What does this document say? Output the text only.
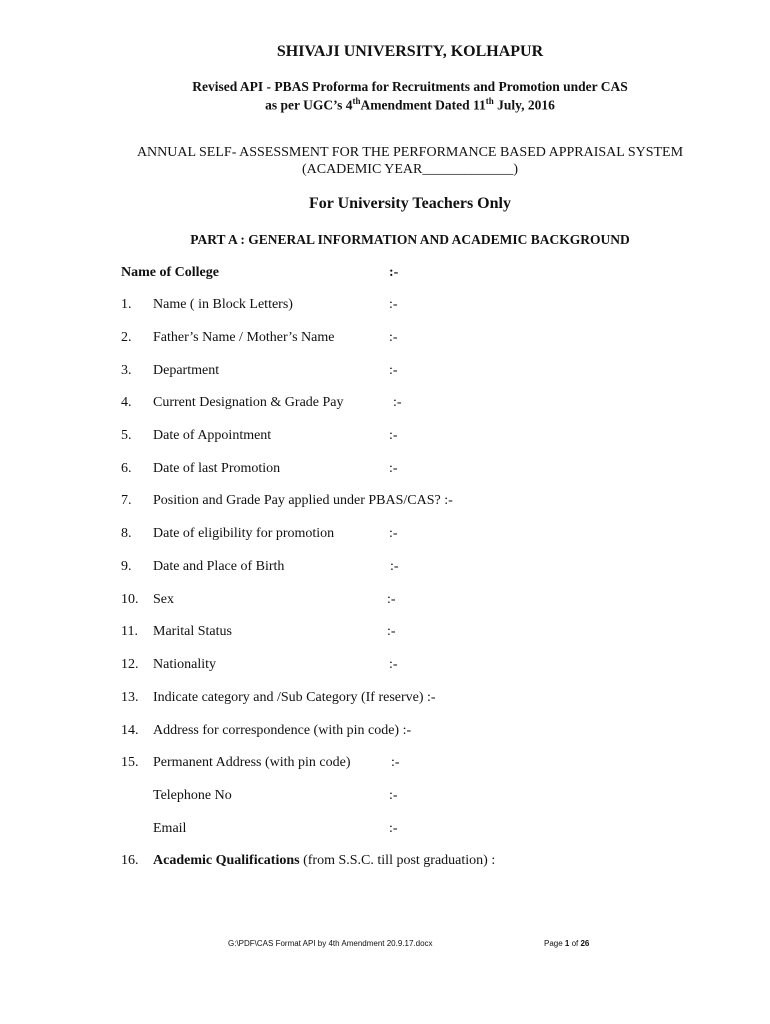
SHIVAJI UNIVERSITY, KOLHAPUR
Revised API - PBAS Proforma for Recruitments and Promotion under CAS
as per UGC’s 4thAmendment Dated 11th July, 2016
ANNUAL SELF- ASSESSMENT FOR THE PERFORMANCE BASED APPRAISAL SYSTEM
(ACADEMIC YEAR_____________)
For University Teachers Only
PART A : GENERAL INFORMATION AND ACADEMIC BACKGROUND
Name of College	:-
1. Name ( in Block Letters)	:-
2. Father’s Name / Mother’s Name	:-
3. Department	:-
4. Current Designation & Grade Pay	:-
5. Date of Appointment	:-
6. Date of last Promotion	:-
7. Position and Grade Pay applied under PBAS/CAS? :-
8. Date of eligibility for promotion	:-
9. Date and Place of Birth	:-
10. Sex	:-
11. Marital Status	:-
12. Nationality	:-
13. Indicate category and /Sub Category (If reserve) :-
14. Address for correspondence (with pin code) :-
15. Permanent Address (with pin code)	:-
Telephone No	:-
Email	:-
16. Academic Qualifications (from S.S.C. till post graduation) :
G:\PDF\CAS Format API by 4th Amendment 20.9.17.docx	Page 1 of 26
